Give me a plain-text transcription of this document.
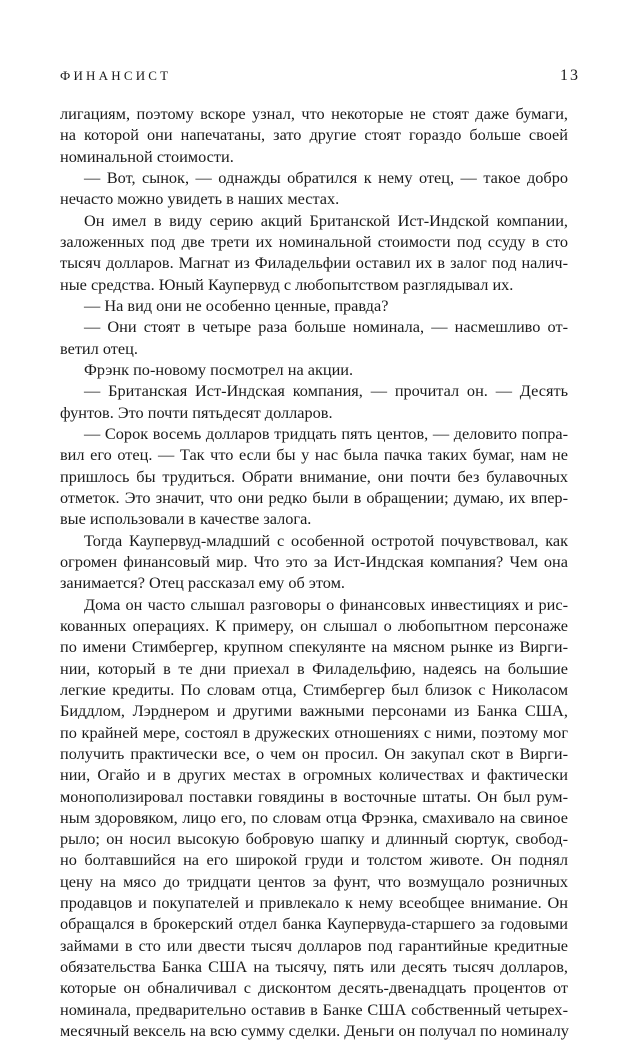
ФИНАНСИСТ	13
лигациям, поэтому вскоре узнал, что некоторые не стоят даже бумаги,
на которой они напечатаны, зато другие стоят гораздо больше своей
номинальной стоимости.
— Вот, сынок, — однажды обратился к нему отец, — такое добро
нечасто можно увидеть в наших местах.
Он имел в виду серию акций Британской Ист-Индской компании,
заложенных под две трети их номинальной стоимости под ссуду в сто
тысяч долларов. Магнат из Филадельфии оставил их в залог под налич-
ные средства. Юный Каупервуд с любопытством разглядывал их.
— На вид они не особенно ценные, правда?
— Они стоят в четыре раза больше номинала, — насмешливо от-
ветил отец.
Фрэнк по-новому посмотрел на акции.
— Британская Ист-Индская компания, — прочитал он. — Десять
фунтов. Это почти пятьдесят долларов.
— Сорок восемь долларов тридцать пять центов, — деловито попра-
вил его отец. — Так что если бы у нас была пачка таких бумаг, нам не
пришлось бы трудиться. Обрати внимание, они почти без булавочных
отметок. Это значит, что они редко были в обращении; думаю, их впер-
вые использовали в качестве залога.
Тогда Каупервуд-младший с особенной остротой почувствовал, как
огромен финансовый мир. Что это за Ист-Индская компания? Чем она
занимается? Отец рассказал ему об этом.
Дома он часто слышал разговоры о финансовых инвестициях и рис-
кованных операциях. К примеру, он слышал о любопытном персонаже
по имени Стимбергер, крупном спекулянте на мясном рынке из Вирги-
нии, который в те дни приехал в Филадельфию, надеясь на большие
легкие кредиты. По словам отца, Стимбергер был близок с Николасом
Биддлом, Лэрднером и другими важными персонами из Банка США,
по крайней мере, состоял в дружеских отношениях с ними, поэтому мог
получить практически все, о чем он просил. Он закупал скот в Вирги-
нии, Огайо и в других местах в огромных количествах и фактически
монополизировал поставки говядины в восточные штаты. Он был рум-
ным здоровяком, лицо его, по словам отца Фрэнка, смахивало на свиное
рыло; он носил высокую бобровую шапку и длинный сюртук, свобод-
но болтавшийся на его широкой груди и толстом животе. Он поднял
цену на мясо до тридцати центов за фунт, что возмущало розничных
продавцов и покупателей и привлекало к нему всеобщее внимание. Он
обращался в брокерский отдел банка Каупервуда-старшего за годовыми
займами в сто или двести тысяч долларов под гарантийные кредитные
обязательства Банка США на тысячу, пять или десять тысяч долларов,
которые он обналичивал с дисконтом десять-двенадцать процентов от
номинала, предварительно оставив в Банке США собственный четырех-
месячный вексель на всю сумму сделки. Деньги он получал по номиналу
